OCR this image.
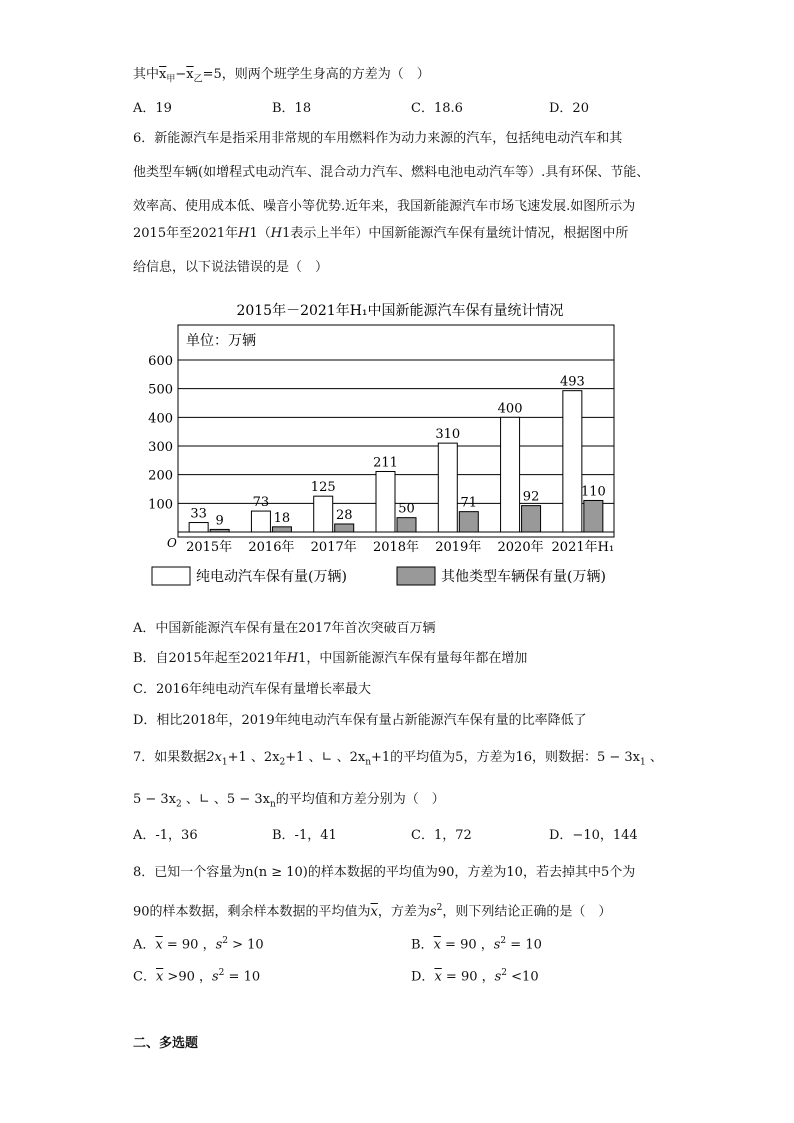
其中$\overline{x}_甲-\overline{x}_乙=5$，则两个班学生身高的方差为（　）
A．19	B．18	C．18.6	D．20
6．新能源汽车是指采用非常规的车用燃料作为动力来源的汽车，包括纯电动汽车和其
他类型车辆(如增程式电动汽车、混合动力汽车、燃料电池电动汽车等）.具有环保、节能、
效率高、使用成本低、噪音小等优势.近年来，我国新能源汽车市场飞速发展.如图所示为
2015年至2021年H1（H1表示上半年）中国新能源汽车保有量统计情况，根据图中所
给信息，以下说法错误的是（　）
2015年－2021年H₁中国新能源汽车保有量统计情况
单位：万辆
O
100
200
300
400
500
600
33 9
2015年
73
18
2016年
125
28
2017年
211
50
2018年
310
71
2019年
400
92
2020年
493
110
2021年H₁
纯电动汽车保有量(万辆)	其他类型车辆保有量(万辆)
A．中国新能源汽车保有量在2017年首次突破百万辆
B．自2015年起至2021年H1，中国新能源汽车保有量每年都在增加
C．2016年纯电动汽车保有量增长率最大
D．相比2018年，2019年纯电动汽车保有量占新能源汽车保有量的比率降低了
7．如果数据$2x_1+1$ 、$2x_2+1$ 、∟ 、$2x_n+1$的平均值为5，方差为16，则数据：$5 - 3x_1$ 、
$5 - 3x_2$ 、∟ 、$5 - 3x_n$的平均值和方差分别为（　）
A．-1，36	B．-1，41	C．1，72	D．−10，144
8．已知一个容量为n(n ≥ 10)的样本数据的平均值为90，方差为10，若去掉其中5个为
90的样本数据，剩余样本数据的平均值为$\overline{x}$，方差为$s^2$，则下列结论正确的是（　）
A．$\overline{x} = 90$ ，$s^2 > 10$	B．$\overline{x} = 90$ ，$s^2 = 10$
C．$\overline{x} >90$ ，$s^2 = 10$	D．$\overline{x} = 90$ ，$s^2 <10$
二、多选题
